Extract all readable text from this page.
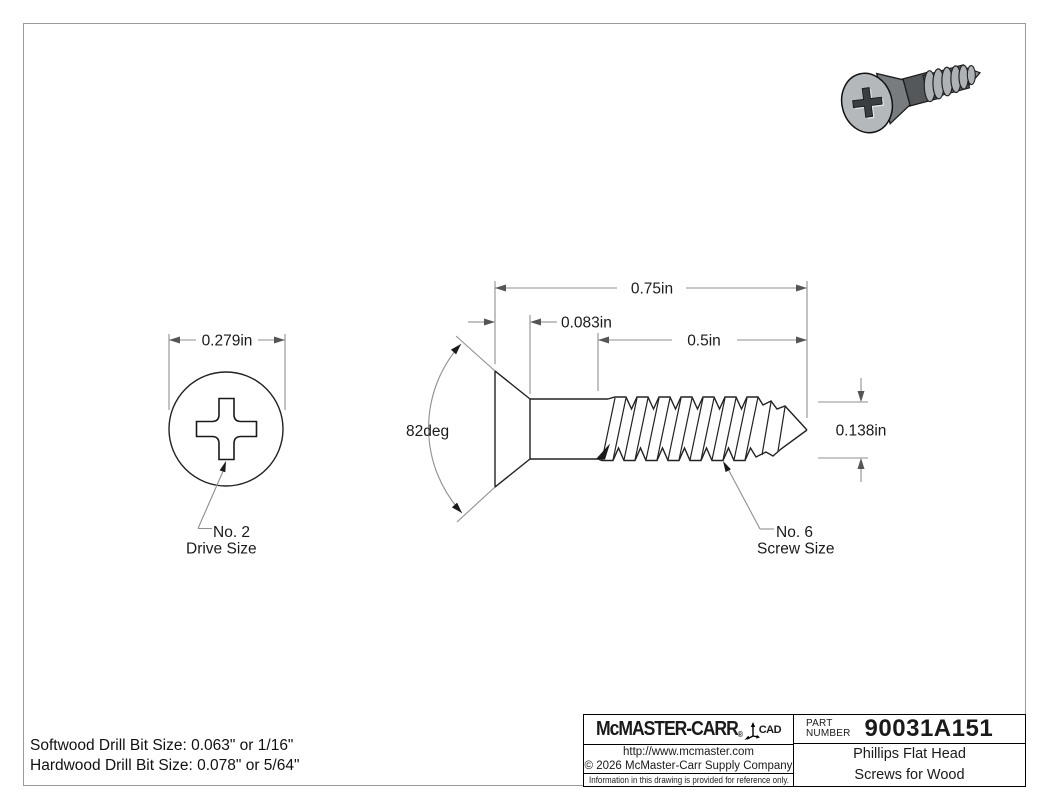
0.279in
No. 2
Drive Size
0.75in
0.083in
0.5in
82deg	0.138in
No. 6
Screw Size
Softwood Drill Bit Size: 0.063" or 1/16"
Hardwood Drill Bit Size: 0.078" or 5/64"
McMASTER-CARR® CAD
http://www.mcmaster.com
© 2026 McMaster-Carr Supply Company
Information in this drawing is provided for reference only.
PART
NUMBER 90031A151
Phillips Flat Head
Screws for Wood
